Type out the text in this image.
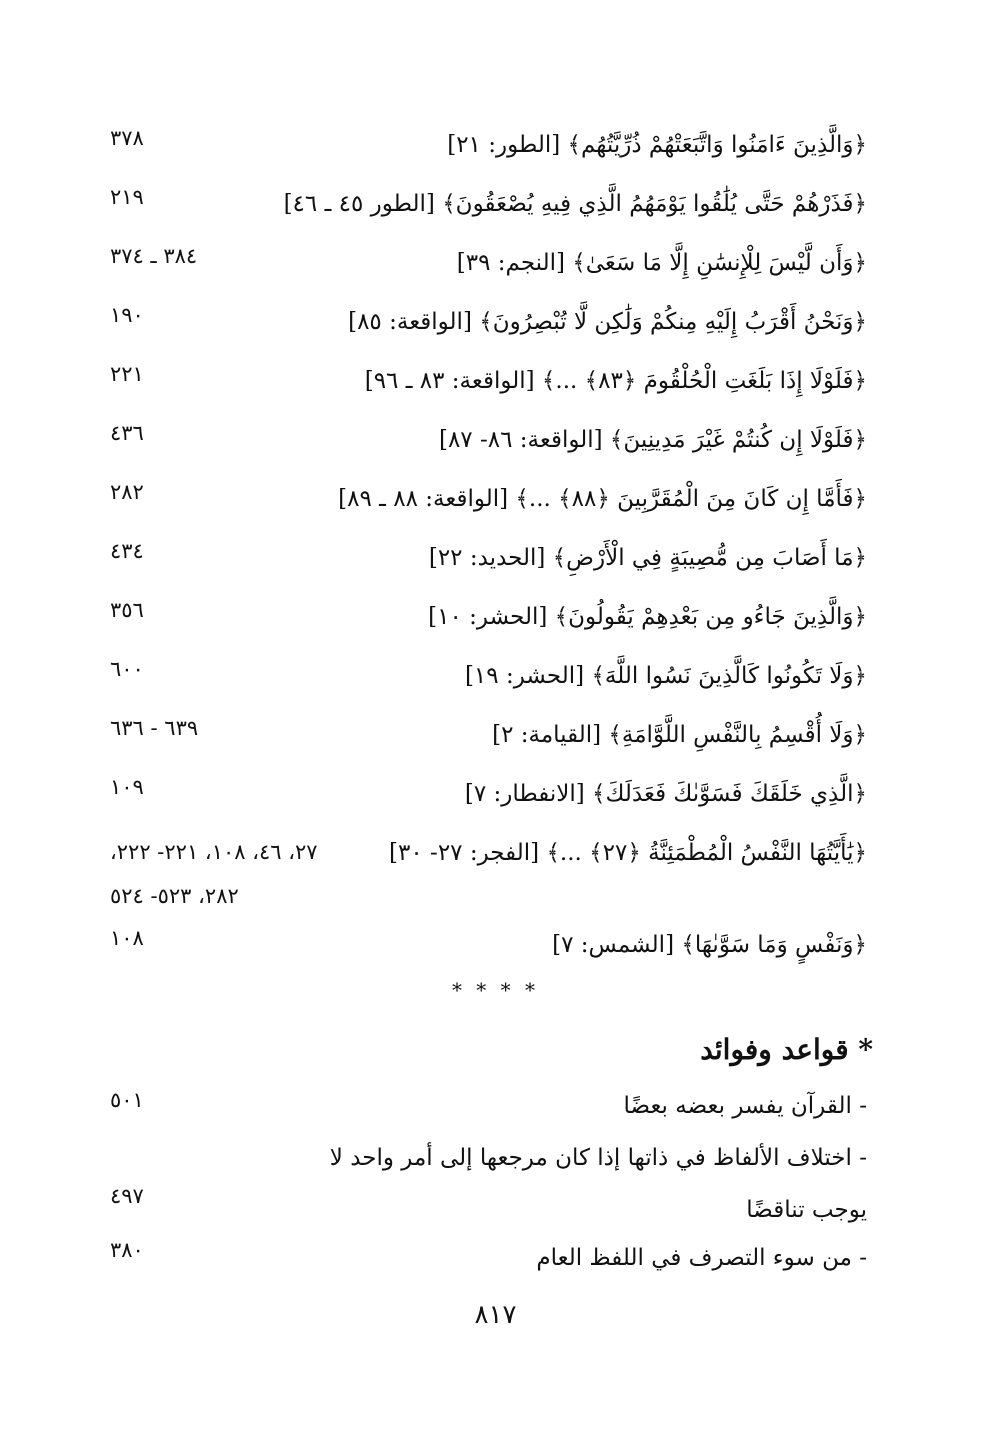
﴿وَالَّذِينَ ءَامَنُوا وَاتَّبَعَتْهُمْ ذُرِّيَّتُهُم﴾ [الطور: ٢١]
٣٧٨
﴿فَذَرْهُمْ حَتَّى يُلَٰقُوا يَوْمَهُمُ الَّذِي فِيهِ يُصْعَقُونَ﴾ [الطور ٤٥ ـ ٤٦]
٢١٩
﴿وَأَن لَّيْسَ لِلْإِنسَٰنِ إِلَّا مَا سَعَىٰ﴾ [النجم: ٣٩]
٣٨٤ ـ ٣٧٤
﴿وَنَحْنُ أَقْرَبُ إِلَيْهِ مِنكُمْ وَلَٰكِن لَّا تُبْصِرُونَ﴾ [الواقعة: ٨٥]
١٩٠
﴿فَلَوْلَا إِذَا بَلَغَتِ الْحُلْقُومَ ﴿٨٣﴾ ...﴾ [الواقعة: ٨٣ ـ ٩٦]
٢٢١
﴿فَلَوْلَا إِن كُنتُمْ غَيْرَ مَدِينِينَ﴾ [الواقعة: ٨٦- ٨٧]
٤٣٦
﴿فَأَمَّا إِن كَانَ مِنَ الْمُقَرَّبِينَ ﴿٨٨﴾ ...﴾ [الواقعة: ٨٨ ـ ٨٩]
٢٨٢
﴿مَا أَصَابَ مِن مُّصِيبَةٍ فِي الْأَرْضِ﴾ [الحديد: ٢٢]
٤٣٤
﴿وَالَّذِينَ جَاءُو مِن بَعْدِهِمْ يَقُولُونَ﴾ [الحشر: ١٠]
٣٥٦
﴿وَلَا تَكُونُوا كَالَّذِينَ نَسُوا اللَّهَ﴾ [الحشر: ١٩]
٦٠٠
﴿وَلَا أُقْسِمُ بِالنَّفْسِ اللَّوَّامَةِ﴾ [القيامة: ٢]
٦٣٩ - ٦٣٦
﴿الَّذِي خَلَقَكَ فَسَوَّىٰكَ فَعَدَلَكَ﴾ [الانفطار: ٧]
١٠٩
﴿يَٰأَيَّتُهَا النَّفْسُ الْمُطْمَئِنَّةُ ﴿٢٧﴾ ...﴾ [الفجر: ٢٧- ٣٠]
٢٧، ٤٦، ١٠٨، ٢٢١- ٢٢٢، ٢٨٢، ٥٢٣- ٥٢٤
﴿وَنَفْسٍ وَمَا سَوَّىٰهَا﴾ [الشمس: ٧]
١٠٨
* * * *
* قواعد وفوائد
- القرآن يفسر بعضه بعضًا
٥٠١
- اختلاف الألفاظ في ذاتها إذا كان مرجعها إلى أمر واحد لا يوجب تناقضًا
٤٩٧
- من سوء التصرف في اللفظ العام
٣٨٠
٨١٧
